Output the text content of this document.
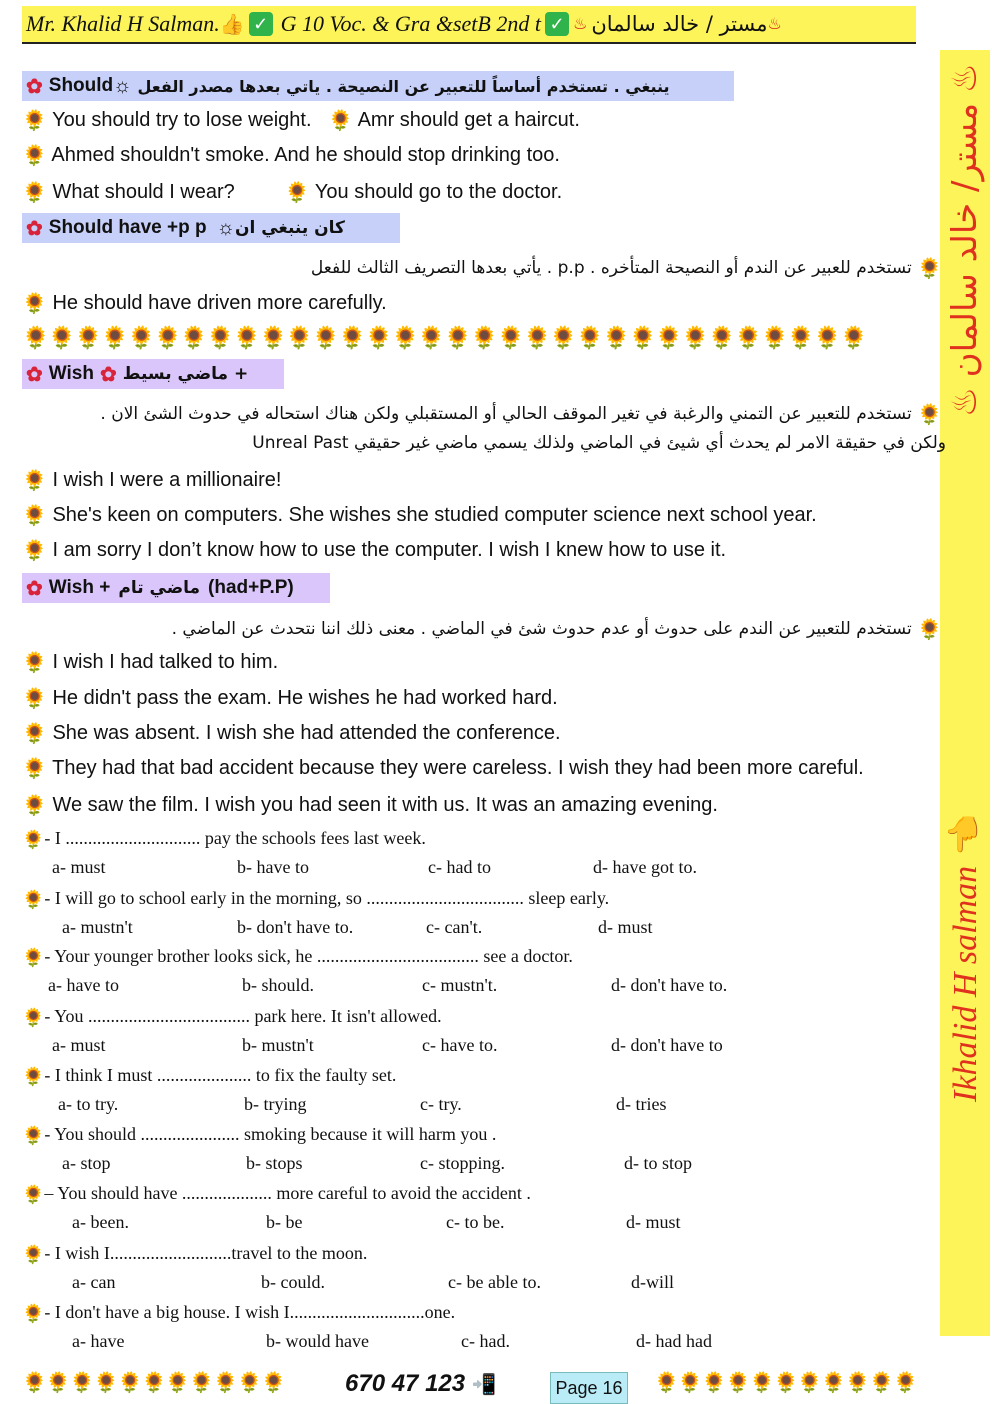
Mr. Khalid H Salman. 👍 ✓ G 10 Voc. & Gra &setB 2nd t ✓ ♨ مستر / خالد سالمان ♨
Ikhalid H salman 👈                                          ♨ مستر/ خالد سالمان ♨
✿ Should ☼ ينبغي . تستخدم أساساً للتعبير عن النصيحة . ياتي بعدها مصدر الفعل
🌻 You should try to lose weight. 🌻 Amr should get a haircut.
🌻 Ahmed shouldn't smoke. And he should stop drinking too.
🌻 What should I wear?	🌻 You should go to the doctor.
✿ Should have +p p ☼ كان ينبغي ان
🌻 تستخدم للعبير عن الندم أو النصيحة المتأخره . p.p . يأتي بعدها التصريف الثالث للفعل
🌻 He should have driven more carefully.
🌻🌻🌻🌻🌻🌻🌻🌻🌻🌻🌻🌻🌻🌻🌻🌻🌻🌻🌻🌻🌻🌻🌻🌻🌻🌻🌻🌻🌻🌻🌻🌻
✿ Wish ✿ ماضي بسيط +
🌻 تستخدم للتعبير عن التمني والرغبة في تغير الموقف الحالي أو المستقبلي ولكن هناك استحاله في حدوث الشئ الان .
ولكن في حقيقة الامر لم يحدث أي شيئ في الماضي ولذلك يسمي ماضي غير حقيقي Unreal Past
🌻 I wish I were a millionaire!
🌻 She's keen on computers. She wishes she studied computer science next school year.
🌻 I am sorry I don’t know how to use the computer. I wish I knew how to use it.
✿ Wish + ماضي تام (had+P.P)
🌻 تستخدم للتعبير عن الندم على حدوث أو عدم حدوث شئ في الماضي . معنى ذلك اننا نتحدث عن الماضي .
🌻 I wish I had talked to him.
🌻 He didn't pass the exam. He wishes he had worked hard.
🌻 She was absent. I wish she had attended the conference.
🌻 They had that bad accident because they were careless. I wish they had been more careful.
🌻 We saw the film. I wish you had seen it with us. It was an amazing evening.
🌻- I .............................. pay the schools fees last week.
a- must	b- have to	c- had to	d- have got to.
🌻- I will go to school early in the morning, so ................................... sleep early.
a- mustn't	b- don't have to.	c- can't.	d- must
🌻- Your younger brother looks sick, he .................................... see a doctor.
a- have to	b- should.	c- mustn't.	d- don't have to.
🌻- You .................................... park here. It isn't allowed.
a- must	b- mustn't	c- have to.	d- don't have to
🌻- I think I must ..................... to fix the faulty set.
a- to try.	b- trying	c- try.	d- tries
🌻- You should ...................... smoking because it will harm you .
a- stop	b- stops	c- stopping.	d- to stop
🌻– You should have .................... more careful to avoid the accident .
a- been.	b- be	c- to be.	d- must
🌻- I wish I...........................travel to the moon.
a- can	b- could.	c- be able to.	d-will
🌻- I don't have a big house. I wish I..............................one.
a- have	b- would have	c- had.	d- had had
🌻🌻🌻🌻🌻🌻🌻🌻🌻🌻🌻	670 47 123 📲	Page 16 🌻🌻🌻🌻🌻🌻🌻🌻🌻🌻🌻
